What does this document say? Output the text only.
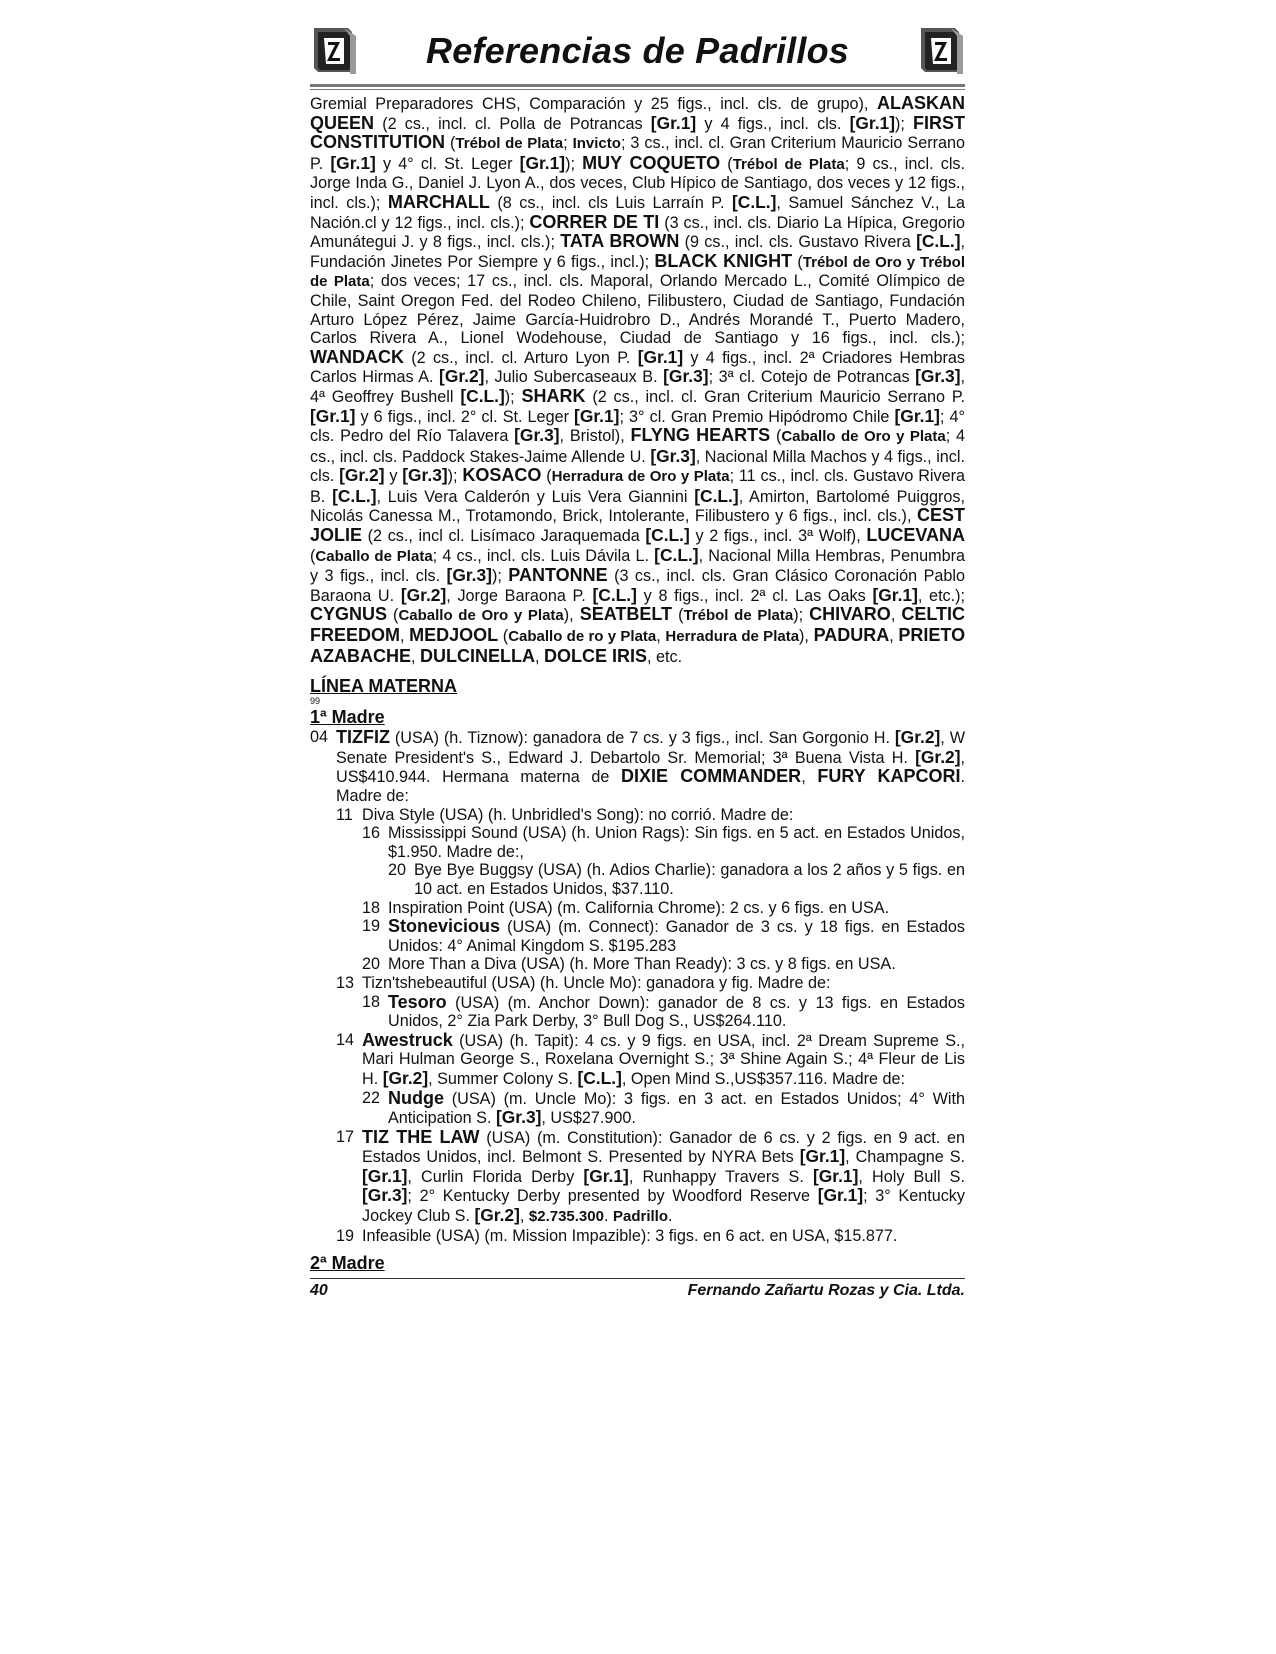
Referencias de Padrillos
Gremial Preparadores CHS, Comparación y 25 figs., incl. cls. de grupo), ALASKAN QUEEN (2 cs., incl. cl. Polla de Potrancas [Gr.1] y 4 figs., incl. cls. [Gr.1]); FIRST CONSTITUTION (Trébol de Plata; Invicto; 3 cs., incl. cl. Gran Criterium Mauricio Serrano P. [Gr.1] y 4° cl. St. Leger [Gr.1]); MUY COQUETO (Trébol de Plata; 9 cs., incl. cls. Jorge Inda G., Daniel J. Lyon A., dos veces, Club Hípico de Santiago, dos veces y 12 figs., incl. cls.); MARCHALL (8 cs., incl. cls Luis Larraín P. [C.L.], Samuel Sánchez V., La Nación.cl y 12 figs., incl. cls.); CORRER DE TI (3 cs., incl. cls. Diario La Hípica, Gregorio Amunátegui J. y 8 figs., incl. cls.); TATA BROWN (9 cs., incl. cls. Gustavo Rivera [C.L.], Fundación Jinetes Por Siempre y 6 figs., incl.); BLACK KNIGHT (Trébol de Oro y Trébol de Plata; dos veces; 17 cs., incl. cls. Maporal, Orlando Mercado L., Comité Olímpico de Chile, Saint Oregon Fed. del Rodeo Chileno, Filibustero, Ciudad de Santiago, Fundación Arturo López Pérez, Jaime García-Huidrobro D., Andrés Morandé T., Puerto Madero, Carlos Rivera A., Lionel Wodehouse, Ciudad de Santiago y 16 figs., incl. cls.); WANDACK (2 cs., incl. cl. Arturo Lyon P. [Gr.1] y 4 figs., incl. 2ª Criadores Hembras Carlos Hirmas A. [Gr.2], Julio Subercaseaux B. [Gr.3]; 3ª cl. Cotejo de Potrancas [Gr.3], 4ª Geoffrey Bushell [C.L.]); SHARK (2 cs., incl. cl. Gran Criterium Mauricio Serrano P. [Gr.1] y 6 figs., incl. 2° cl. St. Leger [Gr.1]; 3° cl. Gran Premio Hipódromo Chile [Gr.1]; 4° cls. Pedro del Río Talavera [Gr.3], Bristol), FLYNG HEARTS (Caballo de Oro y Plata; 4 cs., incl. cls. Paddock Stakes-Jaime Allende U. [Gr.3], Nacional Milla Machos y 4 figs., incl. cls. [Gr.2] y [Gr.3]); KOSACO (Herradura de Oro y Plata; 11 cs., incl. cls. Gustavo Rivera B. [C.L.], Luis Vera Calderón y Luis Vera Giannini [C.L.], Amirton, Bartolomé Puiggros, Nicolás Canessa M., Trotamondo, Brick, Intolerante, Filibustero y 6 figs., incl. cls.), CEST JOLIE (2 cs., incl cl. Lisímaco Jaraquemada [C.L.] y 2 figs., incl. 3ª Wolf), LUCEVANA (Caballo de Plata; 4 cs., incl. cls. Luis Dávila L. [C.L.], Nacional Milla Hembras, Penumbra y 3 figs., incl. cls. [Gr.3]); PANTONNE (3 cs., incl. cls. Gran Clásico Coronación Pablo Baraona U. [Gr.2], Jorge Baraona P. [C.L.] y 8 figs., incl. 2ª cl. Las Oaks [Gr.1], etc.); CYGNUS (Caballo de Oro y Plata), SEATBELT (Trébol de Plata); CHIVARO, CELTIC FREEDOM, MEDJOOL (Caballo de ro y Plata, Herradura de Plata), PADURA, PRIETO AZABACHE, DULCINELLA, DOLCE IRIS, etc.
LÍNEA MATERNA
99
1ª Madre
04 TIZFIZ (USA) (h. Tiznow): ganadora de 7 cs. y 3 figs., incl. San Gorgonio H. [Gr.2], W Senate President's S., Edward J. Debartolo Sr. Memorial; 3ª Buena Vista H. [Gr.2], US$410.944. Hermana materna de DIXIE COMMANDER, FURY KAPCORI. Madre de:
11 Diva Style (USA) (h. Unbridled's Song): no corrió. Madre de:
16 Mississippi Sound (USA) (h. Union Rags): Sin figs. en 5 act. en Estados Unidos, $1.950. Madre de:,
20 Bye Bye Buggsy (USA) (h. Adios Charlie): ganadora a los 2 años y 5 figs. en 10 act. en Estados Unidos, $37.110.
18 Inspiration Point (USA) (m. California Chrome): 2 cs. y 6 figs. en USA.
19 Stonevicious (USA) (m. Connect): Ganador de 3 cs. y 18 figs. en Estados Unidos: 4° Animal Kingdom S. $195.283
20 More Than a Diva (USA) (h. More Than Ready): 3 cs. y 8 figs. en USA.
13 Tizn'tshebeautiful (USA) (h. Uncle Mo): ganadora y fig. Madre de:
18 Tesoro (USA) (m. Anchor Down): ganador de 8 cs. y 13 figs. en Estados Unidos, 2° Zia Park Derby, 3° Bull Dog S., US$264.110.
14 Awestruck (USA) (h. Tapit): 4 cs. y 9 figs. en USA, incl. 2ª Dream Supreme S., Mari Hulman George S., Roxelana Overnight S.; 3ª Shine Again S.; 4ª Fleur de Lis H. [Gr.2], Summer Colony S. [C.L.], Open Mind S.,US$357.116. Madre de:
22 Nudge (USA) (m. Uncle Mo): 3 figs. en 3 act. en Estados Unidos; 4° With Anticipation S. [Gr.3], US$27.900.
17 TIZ THE LAW (USA) (m. Constitution): Ganador de 6 cs. y 2 figs. en 9 act. en Estados Unidos, incl. Belmont S. Presented by NYRA Bets [Gr.1], Champagne S. [Gr.1], Curlin Florida Derby [Gr.1], Runhappy Travers S. [Gr.1], Holy Bull S. [Gr.3]; 2° Kentucky Derby presented by Woodford Reserve [Gr.1]; 3° Kentucky Jockey Club S. [Gr.2], $2.735.300. Padrillo.
19 Infeasible (USA) (m. Mission Impazible): 3 figs. en 6 act. en USA, $15.877.
2ª Madre
40	Fernando Zañartu Rozas y Cia. Ltda.
